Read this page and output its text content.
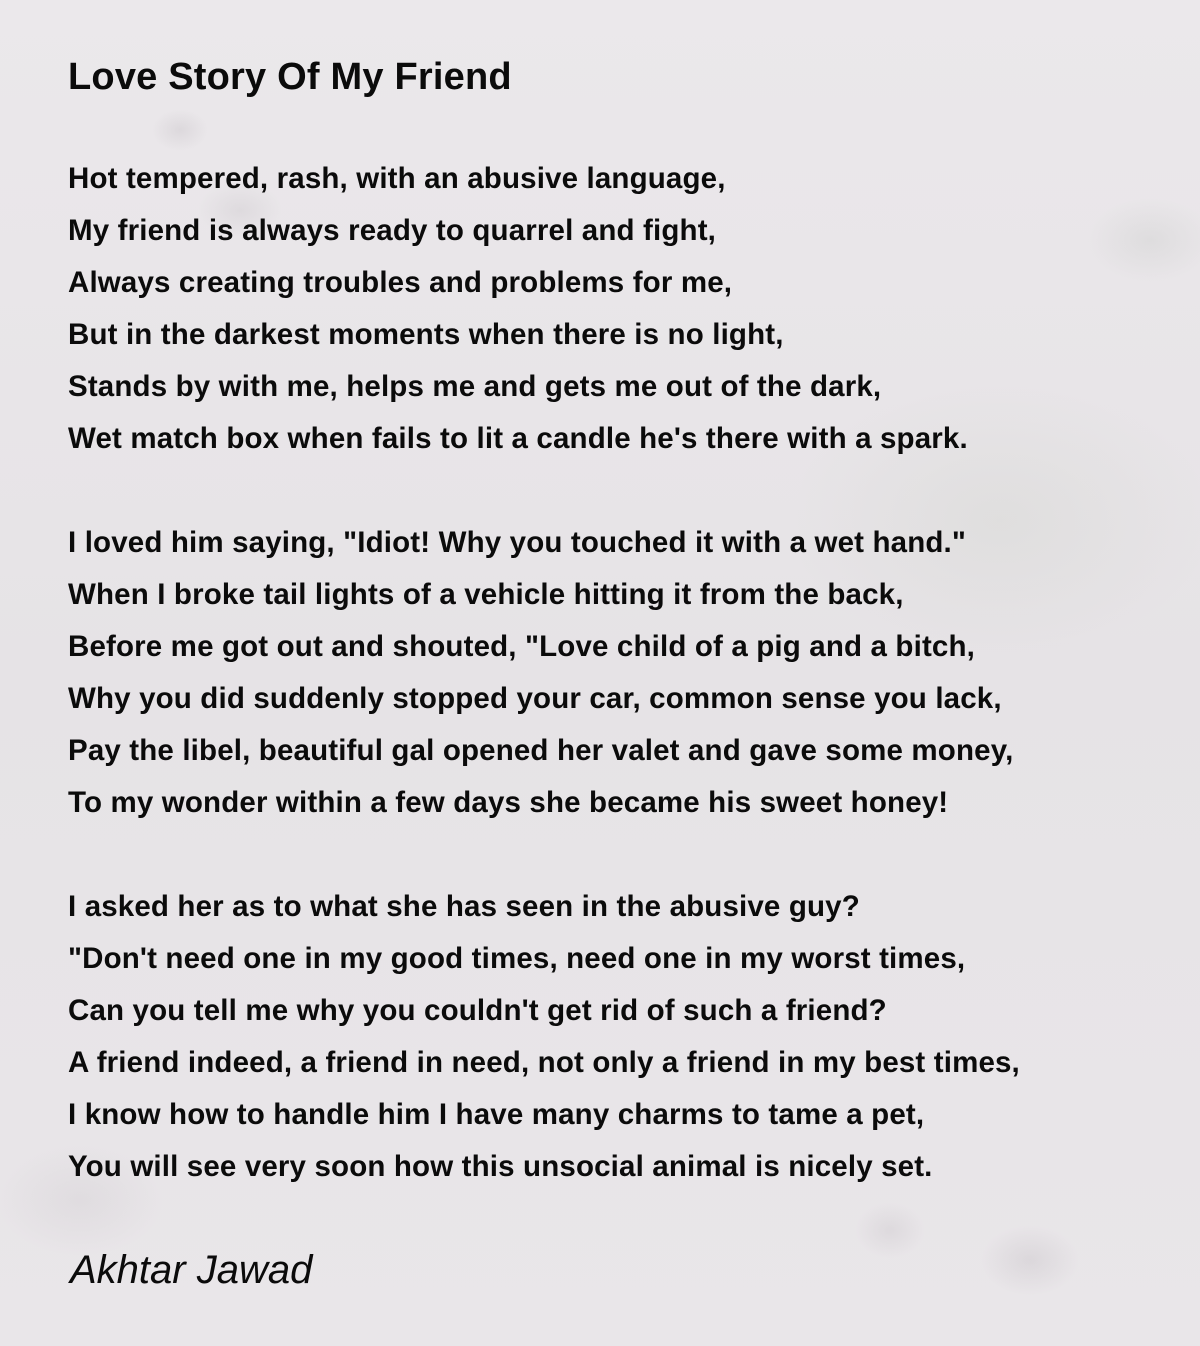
Love Story Of My Friend
Hot tempered, rash, with an abusive language,
My friend is always ready to quarrel and fight,
Always creating troubles and problems for me,
But in the darkest moments when there is no light,
Stands by with me, helps me and gets me out of the dark,
Wet match box when fails to lit a candle he's there with a spark.
I loved him saying, "Idiot! Why you touched it with a wet hand."
When I broke tail lights of a vehicle hitting it from the back,
Before me got out and shouted, "Love child of a pig and a bitch,
Why you did suddenly stopped your car, common sense you lack,
Pay the libel, beautiful gal opened her valet and gave some money,
To my wonder within a few days she became his sweet honey!
I asked her as to what she has seen in the abusive guy?
"Don't need one in my good times, need one in my worst times,
Can you tell me why you couldn't get rid of such a friend?
A friend indeed, a friend in need, not only a friend in my best times,
I know how to handle him I have many charms to tame a pet,
You will see very soon how this unsocial animal is nicely set.
Akhtar Jawad
